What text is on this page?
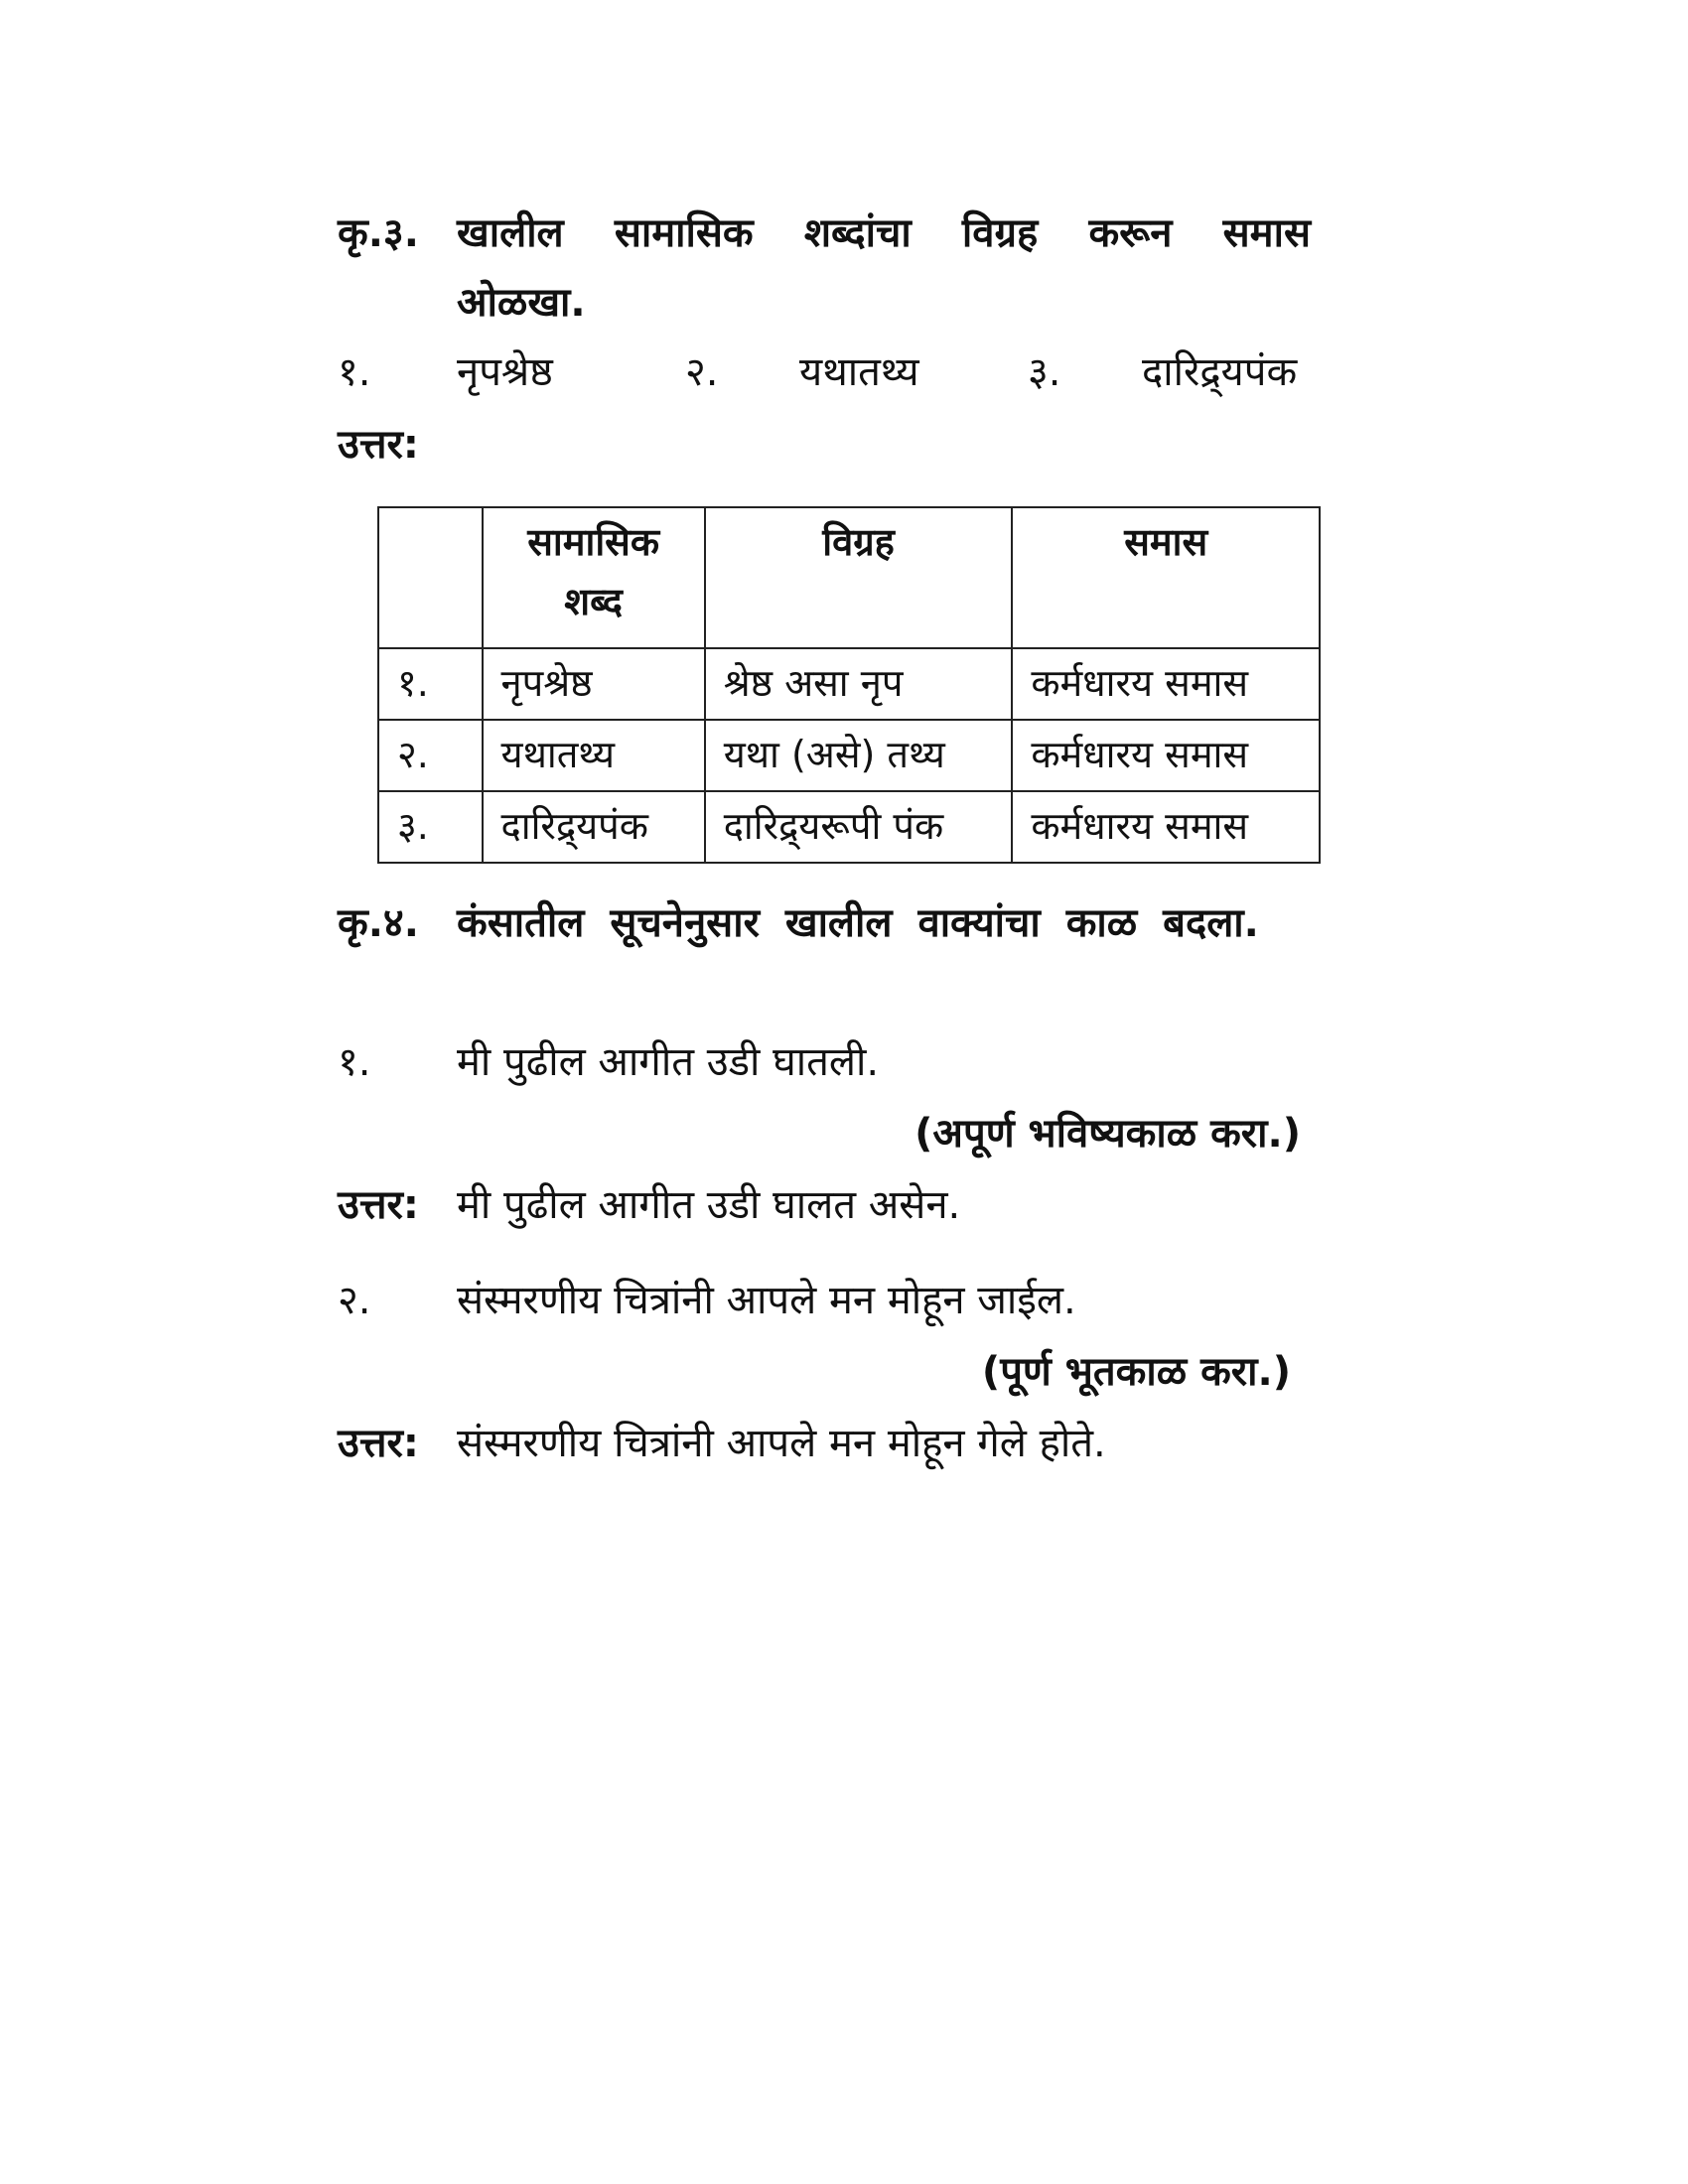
कृ.३. खालील सामासिक शब्दांचा विग्रह करून समास ओळखा.
१. नृपश्रेष्ठ	२. यथातथ्य	३. दारिद्र्यपंक
उत्तर:
	सामासिक शब्द	विग्रह	समास
१.	नृपश्रेष्ठ	श्रेष्ठ असा नृप	कर्मधारय समास
२.	यथातथ्य	यथा (असे) तथ्य	कर्मधारय समास
३.	दारिद्र्यपंक	दारिद्र्यरूपी पंक	कर्मधारय समास
कृ.४. कंसातील सूचनेनुसार खालील वाक्यांचा काळ बदला.
१. मी पुढील आगीत उडी घातली.
(अपूर्ण भविष्यकाळ करा.)
उत्तर: मी पुढील आगीत उडी घालत असेन.
२. संस्मरणीय चित्रांनी आपले मन मोहून जाईल.
(पूर्ण भूतकाळ करा.)
उत्तर: संस्मरणीय चित्रांनी आपले मन मोहून गेले होते.
